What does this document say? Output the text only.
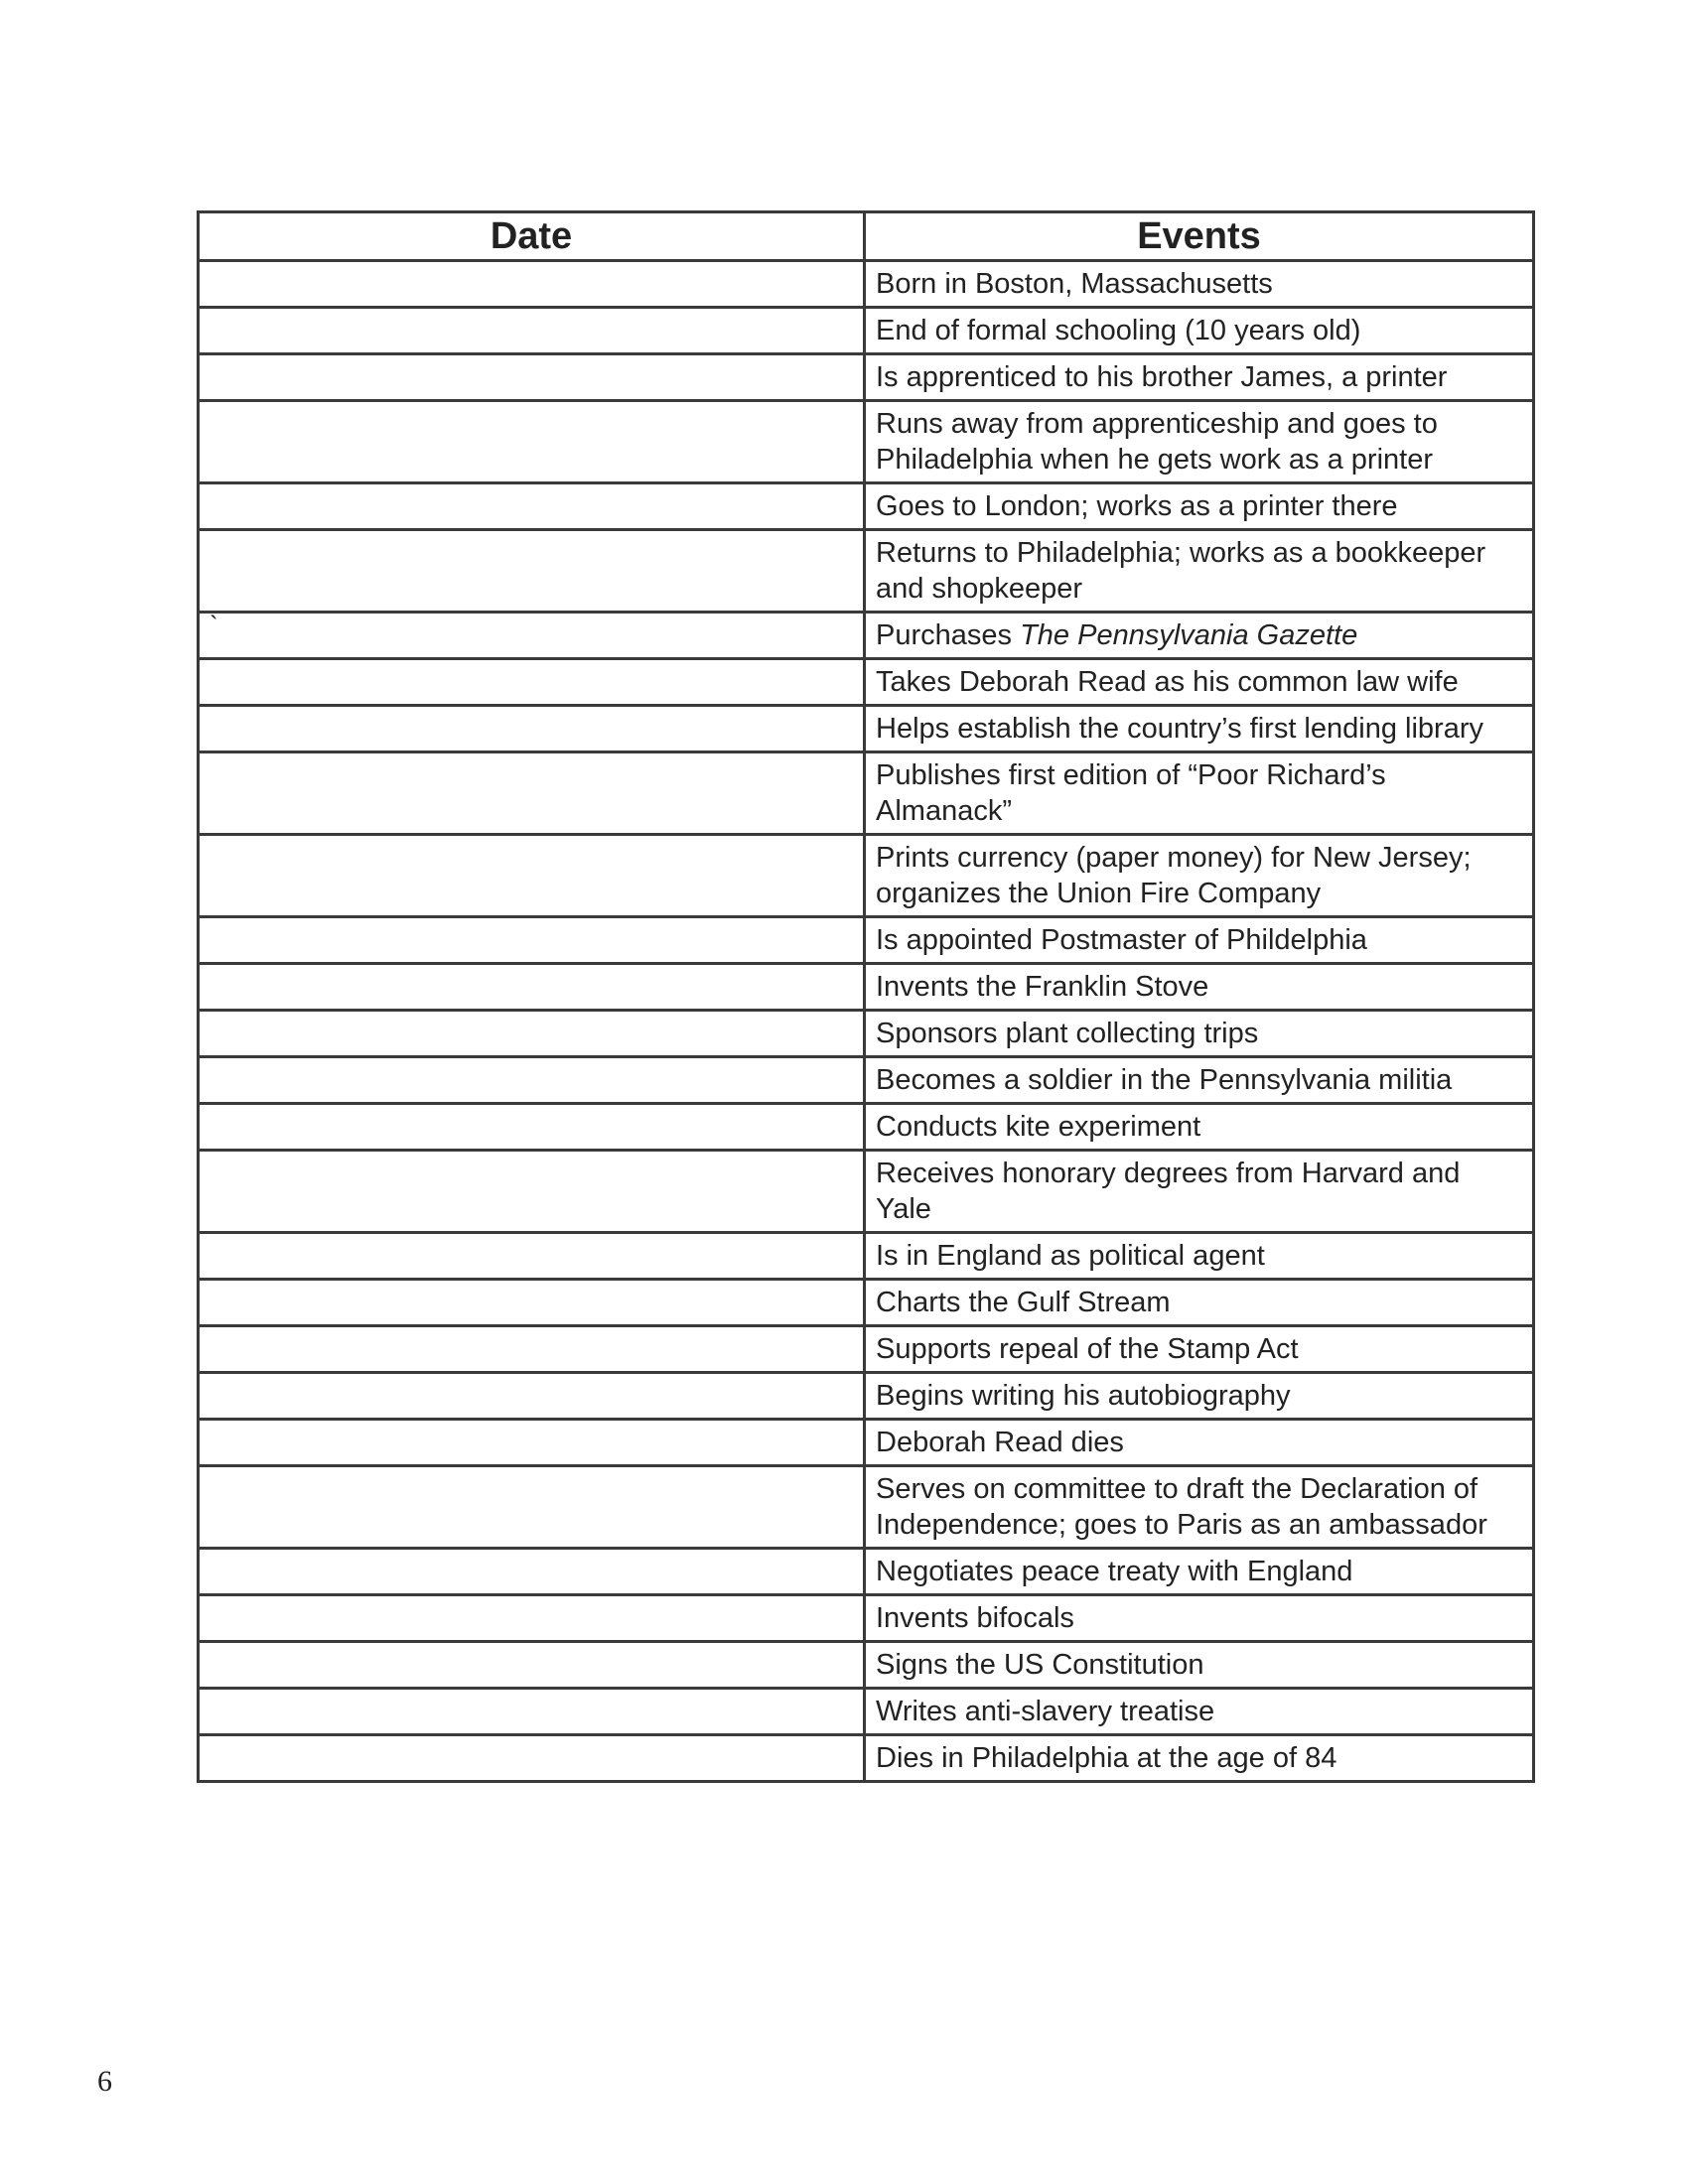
Date	Events
	Born in Boston, Massachusetts
	End of formal schooling (10 years old)
	Is apprenticed to his brother James, a printer
	Runs away from apprenticeship and goes to Philadelphia when he gets work as a printer
	Goes to London; works as a printer there
	Returns to Philadelphia; works as a bookkeeper and shopkeeper
`	Purchases The Pennsylvania Gazette
	Takes Deborah Read as his common law wife
	Helps establish the country’s first lending library
	Publishes first edition of “Poor Richard’s Almanack”
	Prints currency (paper money) for New Jersey; organizes the Union Fire Company
	Is appointed Postmaster of Phildelphia
	Invents the Franklin Stove
	Sponsors plant collecting trips
	Becomes a soldier in the Pennsylvania militia
	Conducts kite experiment
	Receives honorary degrees from Harvard and Yale
	Is in England as political agent
	Charts the Gulf Stream
	Supports repeal of the Stamp Act
	Begins writing his autobiography
	Deborah Read dies
	Serves on committee to draft the Declaration of Independence; goes to Paris as an ambassador
	Negotiates peace treaty with England
	Invents bifocals
	Signs the US Constitution
	Writes anti-slavery treatise
	Dies in Philadelphia at the age of 84
6
